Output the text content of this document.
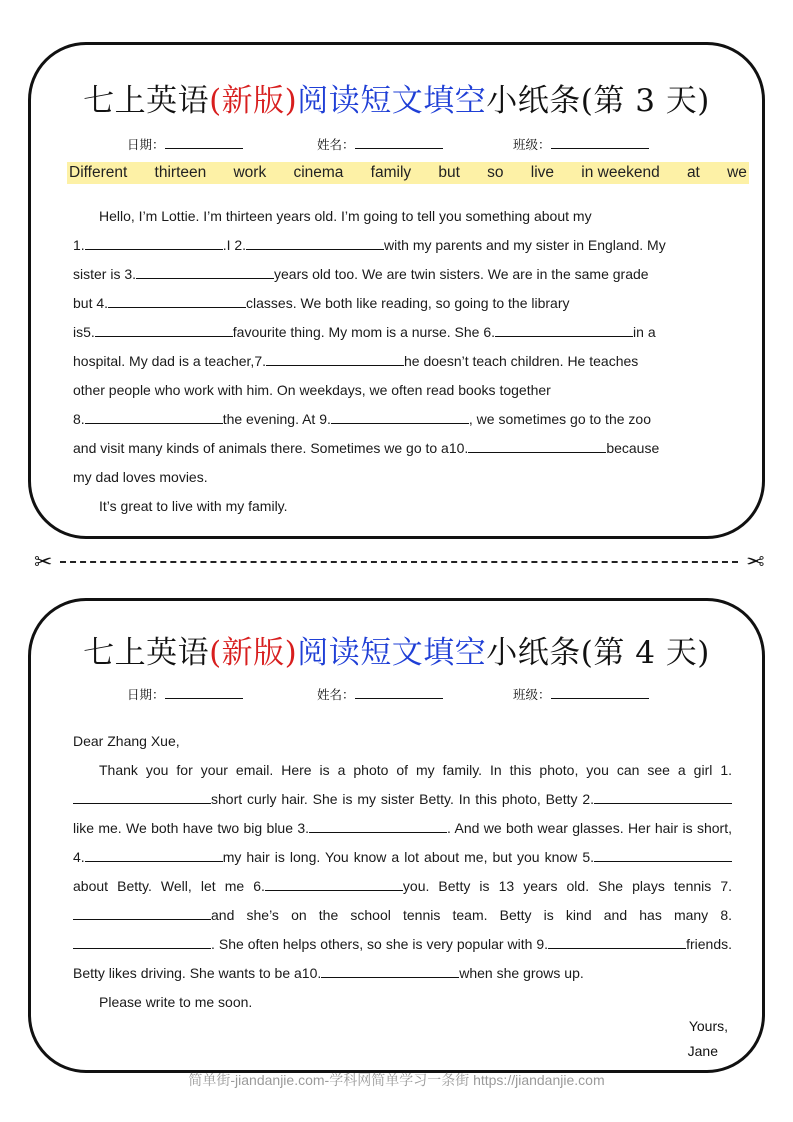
七上英语(新版)阅读短文填空小纸条(第 3 天)
日期：	姓名：	班级：
Different thirteen work cinema family but so live in weekend at we

Hello, I’m Lottie. I’m thirteen years old. I’m going to tell you something about my

1.	.I 2.	with my parents and my sister in England. My

sister is 3.	years old too. We are twin sisters. We are in the same grade

but 4.	classes. We both like reading, so going to the library

is5.	favourite thing. My mom is a nurse. She 6.	in a

hospital. My dad is a teacher,7.	he doesn’t teach children. He teaches

other people who work with him. On weekdays, we often read books together

8.	the evening. At 9.	, we sometimes go to the zoo

and visit many kinds of animals there. Sometimes we go to a10.	because

my dad loves movies.

It’s great to live with my family.

✂	✂
七上英语(新版)阅读短文填空小纸条(第 4 天)
日期：	姓名：	班级：

Dear Zhang Xue,

Thank you for your email. Here is a photo of my family. In this photo, you can see a girl 1.short curly hair. She is my sister Betty. In this photo, Betty 2.like me. We both have two big blue 3.	. And we both wear glasses. Her hair is short, 4.	my hair is long. You know a lot about me, but you know 5.about Betty. Well, let me 6.	you. Betty is 13 years old. She plays tennis 7.and she’s on the school tennis team. Betty is kind and has many 8.. She often helps others, so she is very popular with 9.	friends. Betty likes driving. She wants to be a10.	when she grows up.

Please write to me soon.

Yours,
Jane
简单街-jiandanjie.com-学科网简单学习一条街 https://jiandanjie.com
